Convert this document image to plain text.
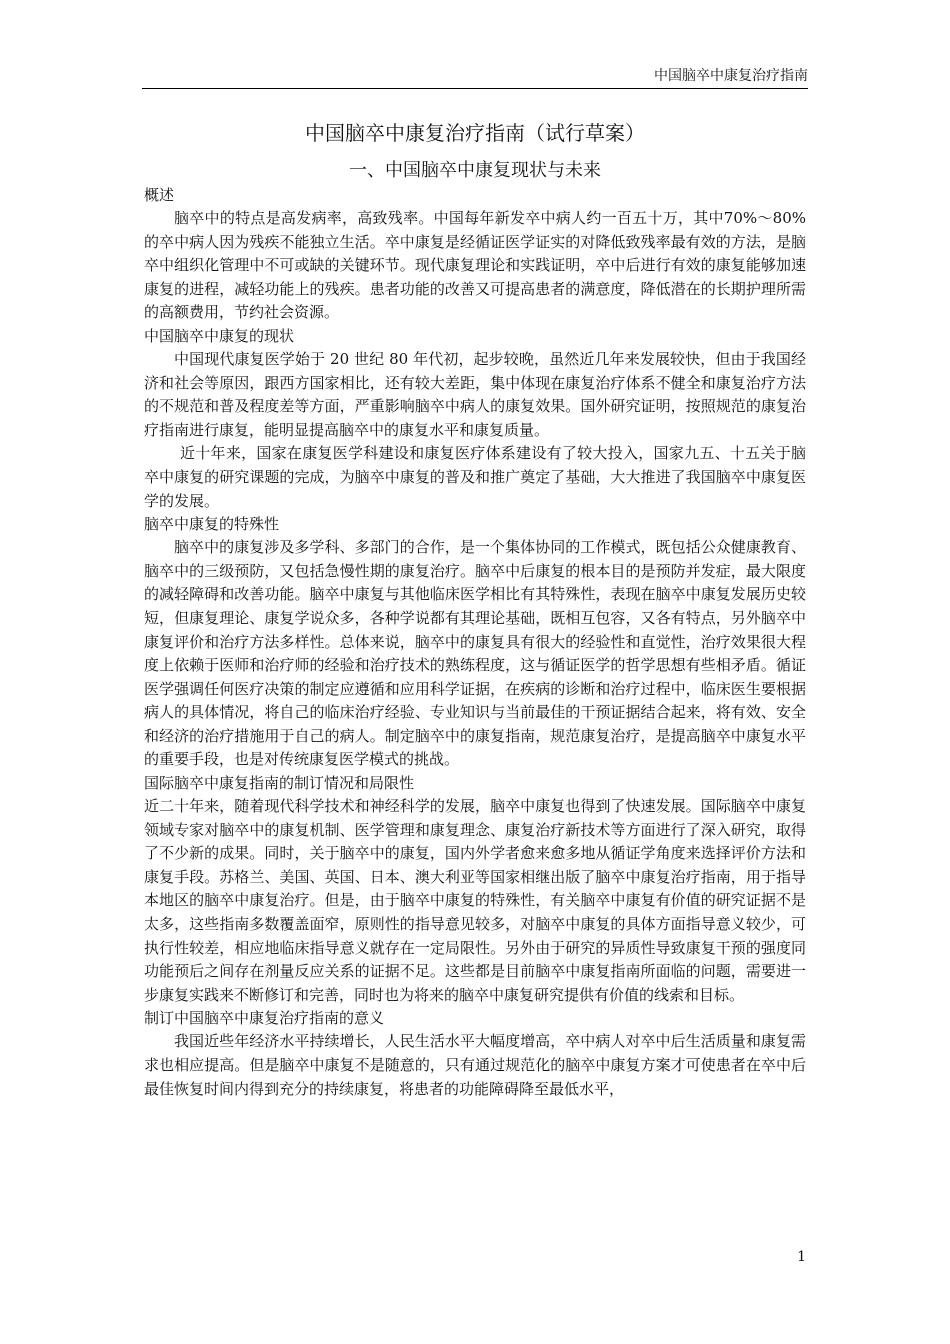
中国脑卒中康复治疗指南
中国脑卒中康复治疗指南（试行草案）
一、中国脑卒中康复现状与未来

概述

脑卒中的特点是高发病率，高致残率。中国每年新发卒中病人约一百五十万，其中70%～80%的卒中病人因为残疾不能独立生活。卒中康复是经循证医学证实的对降低致残率最有效的方法，是脑卒中组织化管理中不可或缺的关键环节。现代康复理论和实践证明，卒中后进行有效的康复能够加速康复的进程，减轻功能上的残疾。患者功能的改善又可提高患者的满意度，降低潜在的长期护理所需的高额费用，节约社会资源。

中国脑卒中康复的现状

中国现代康复医学始于 20 世纪 80 年代初，起步较晚，虽然近几年来发展较快，但由于我国经济和社会等原因，跟西方国家相比，还有较大差距，集中体现在康复治疗体系不健全和康复治疗方法的不规范和普及程度差等方面，严重影响脑卒中病人的康复效果。国外研究证明，按照规范的康复治疗指南进行康复，能明显提高脑卒中的康复水平和康复质量。

近十年来，国家在康复医学科建设和康复医疗体系建设有了较大投入，国家九五、十五关于脑卒中康复的研究课题的完成，为脑卒中康复的普及和推广奠定了基础，大大推进了我国脑卒中康复医学的发展。

脑卒中康复的特殊性

脑卒中的康复涉及多学科、多部门的合作，是一个集体协同的工作模式，既包括公众健康教育、脑卒中的三级预防，又包括急慢性期的康复治疗。脑卒中后康复的根本目的是预防并发症，最大限度的减轻障碍和改善功能。脑卒中康复与其他临床医学相比有其特殊性，表现在脑卒中康复发展历史较短，但康复理论、康复学说众多，各种学说都有其理论基础，既相互包容，又各有特点，另外脑卒中康复评价和治疗方法多样性。总体来说，脑卒中的康复具有很大的经验性和直觉性，治疗效果很大程度上依赖于医师和治疗师的经验和治疗技术的熟练程度，这与循证医学的哲学思想有些相矛盾。循证医学强调任何医疗决策的制定应遵循和应用科学证据，在疾病的诊断和治疗过程中，临床医生要根据病人的具体情况，将自己的临床治疗经验、专业知识与当前最佳的干预证据结合起来，将有效、安全和经济的治疗措施用于自己的病人。制定脑卒中的康复指南，规范康复治疗，是提高脑卒中康复水平的重要手段，也是对传统康复医学模式的挑战。

国际脑卒中康复指南的制订情况和局限性

近二十年来，随着现代科学技术和神经科学的发展，脑卒中康复也得到了快速发展。国际脑卒中康复领域专家对脑卒中的康复机制、医学管理和康复理念、康复治疗新技术等方面进行了深入研究，取得了不少新的成果。同时，关于脑卒中的康复，国内外学者愈来愈多地从循证学角度来选择评价方法和康复手段。苏格兰、美国、英国、日本、澳大利亚等国家相继出版了脑卒中康复治疗指南，用于指导本地区的脑卒中康复治疗。但是，由于脑卒中康复的特殊性，有关脑卒中康复有价值的研究证据不是太多，这些指南多数覆盖面窄，原则性的指导意见较多，对脑卒中康复的具体方面指导意义较少，可执行性较差，相应地临床指导意义就存在一定局限性。另外由于研究的异质性导致康复干预的强度同功能预后之间存在剂量反应关系的证据不足。这些都是目前脑卒中康复指南所面临的问题，需要进一步康复实践来不断修订和完善，同时也为将来的脑卒中康复研究提供有价值的线索和目标。

制订中国脑卒中康复治疗指南的意义

我国近些年经济水平持续增长，人民生活水平大幅度增高，卒中病人对卒中后生活质量和康复需求也相应提高。但是脑卒中康复不是随意的，只有通过规范化的脑卒中康复方案才可使患者在卒中后最佳恢复时间内得到充分的持续康复，将患者的功能障碍降至最低水平，

1
